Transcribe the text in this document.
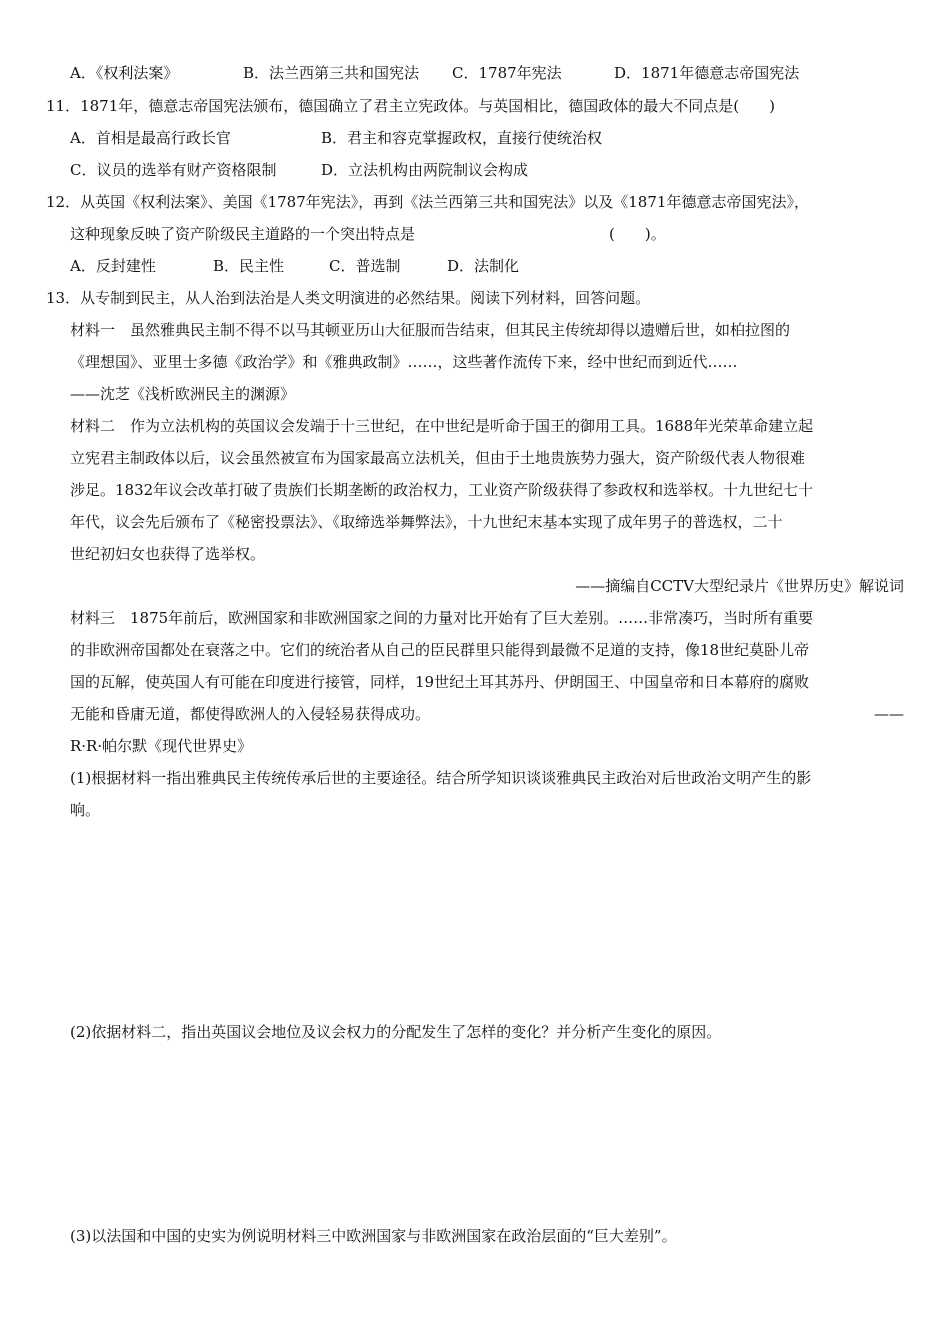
A．《权利法案》	B．法兰西第三共和国宪法 C．1787年宪法	D．1871年德意志帝国宪法
11．1871年，德意志帝国宪法颁布，德国确立了君主立宪政体。与英国相比，德国政体的最大不同点是(　　)
A．首相是最高行政长官	B．君主和容克掌握政权，直接行使统治权
C．议员的选举有财产资格限制	D．立法机构由两院制议会构成
12．从英国《权利法案》、美国《1787年宪法》，再到《法兰西第三共和国宪法》以及《1871年德意志帝国宪法》，
这种现象反映了资产阶级民主道路的一个突出特点是	(　　)。
A．反封建性	B．民主性	C．普选制	D．法制化
13．从专制到民主，从人治到法治是人类文明演进的必然结果。阅读下列材料，回答问题。
材料一　虽然雅典民主制不得不以马其顿亚历山大征服而告结束，但其民主传统却得以遗赠后世，如柏拉图的
《理想国》、亚里士多德《政治学》和《雅典政制》……，这些著作流传下来，经中世纪而到近代……
——沈芝《浅析欧洲民主的渊源》
材料二　作为立法机构的英国议会发端于十三世纪，在中世纪是听命于国王的御用工具。1688年光荣革命建立起
立宪君主制政体以后，议会虽然被宣布为国家最高立法机关，但由于土地贵族势力强大，资产阶级代表人物很难
涉足。1832年议会改革打破了贵族们长期垄断的政治权力，工业资产阶级获得了参政权和选举权。十九世纪七十
年代，议会先后颁布了《秘密投票法》、《取缔选举舞弊法》，十九世纪末基本实现了成年男子的普选权，二十
世纪初妇女也获得了选举权。
——摘编自CCTV大型纪录片《世界历史》解说词
材料三　1875年前后，欧洲国家和非欧洲国家之间的力量对比开始有了巨大差别。……非常凑巧，当时所有重要
的非欧洲帝国都处在衰落之中。它们的统治者从自己的臣民群里只能得到最微不足道的支持，像18世纪莫卧儿帝
国的瓦解，使英国人有可能在印度进行接管，同样，19世纪土耳其苏丹、伊朗国王、中国皇帝和日本幕府的腐败
无能和昏庸无道，都使得欧洲人的入侵轻易获得成功。	——
R·R·帕尔默《现代世界史》
(1)根据材料一指出雅典民主传统传承后世的主要途径。结合所学知识谈谈雅典民主政治对后世政治文明产生的影
响。
(2)依据材料二，指出英国议会地位及议会权力的分配发生了怎样的变化？并分析产生变化的原因。
(3)以法国和中国的史实为例说明材料三中欧洲国家与非欧洲国家在政治层面的“巨大差别”。
